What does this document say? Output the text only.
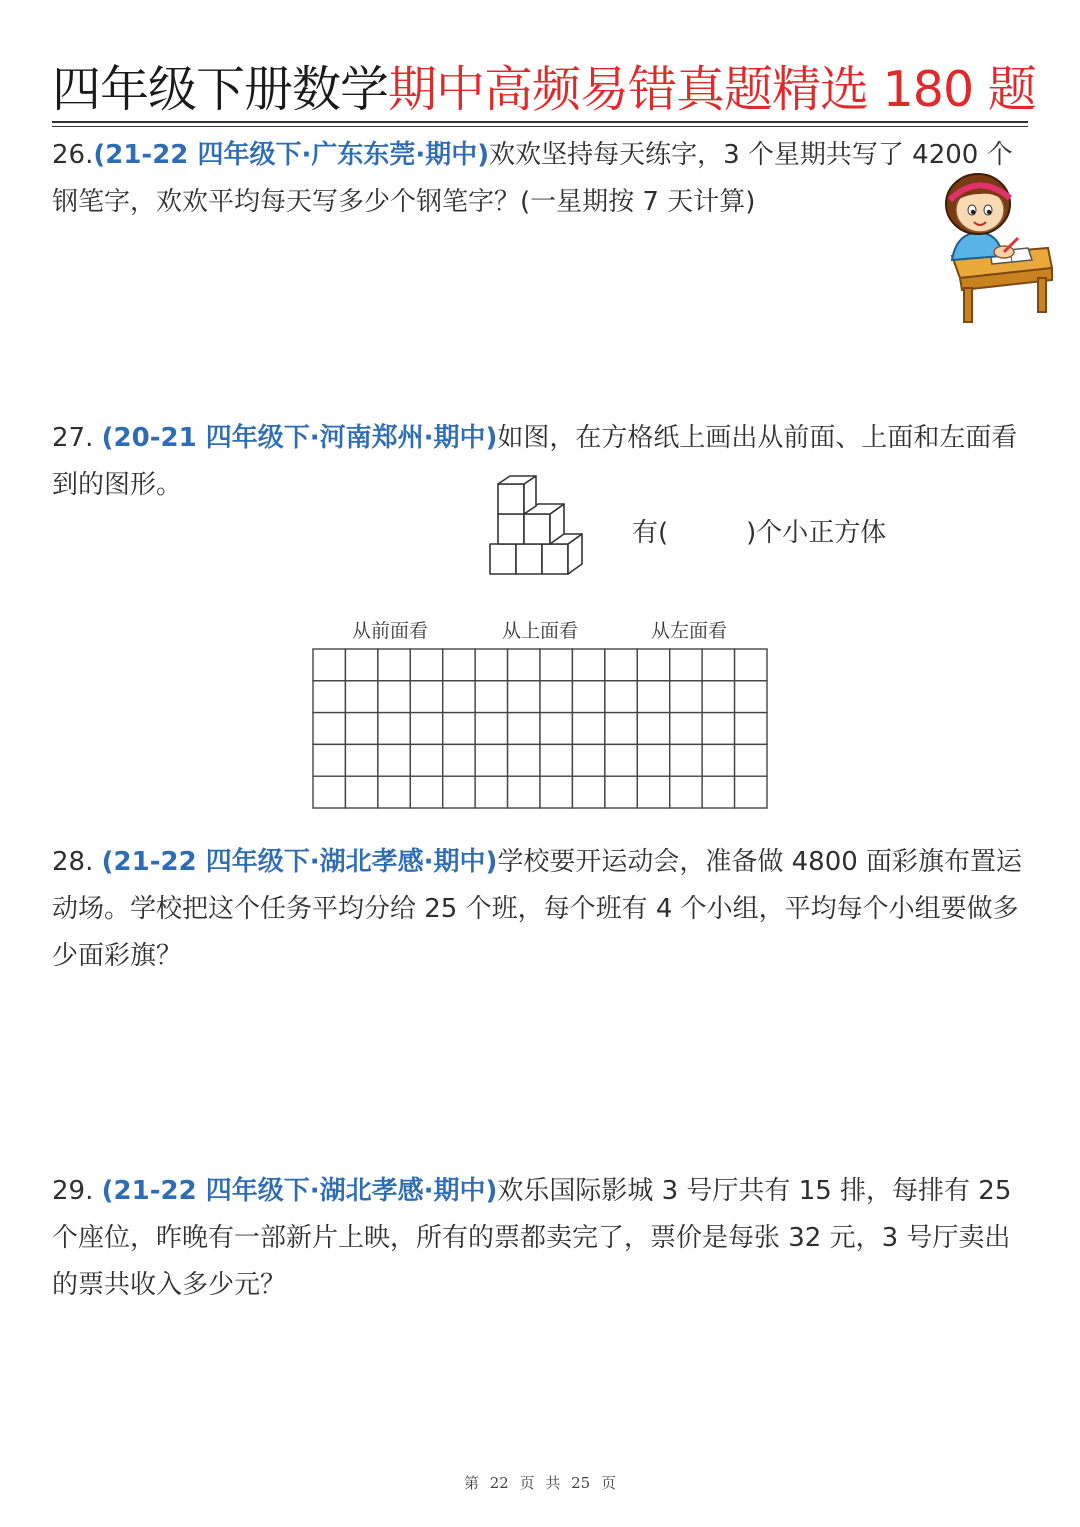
四年级下册数学期中高频易错真题精选 180 题
26.(21-22 四年级下·广东东莞·期中)欢欢坚持每天练字，3 个星期共写了 4200 个钢笔字，欢欢平均每天写多少个钢笔字？(一星期按 7 天计算)
27. (20-21 四年级下·河南郑州·期中)如图，在方格纸上画出从前面、上面和左面看到的图形。
有(	)个小正方体
从前面看	从上面看	从左面看
28. (21-22 四年级下·湖北孝感·期中)学校要开运动会，准备做 4800 面彩旗布置运动场。学校把这个任务平均分给 25 个班，每个班有 4 个小组，平均每个小组要做多少面彩旗？
29. (21-22 四年级下·湖北孝感·期中)欢乐国际影城 3 号厅共有 15 排，每排有 25 个座位，昨晚有一部新片上映，所有的票都卖完了，票价是每张 32 元，3 号厅卖出的票共收入多少元？
第 22 页 共 25 页
